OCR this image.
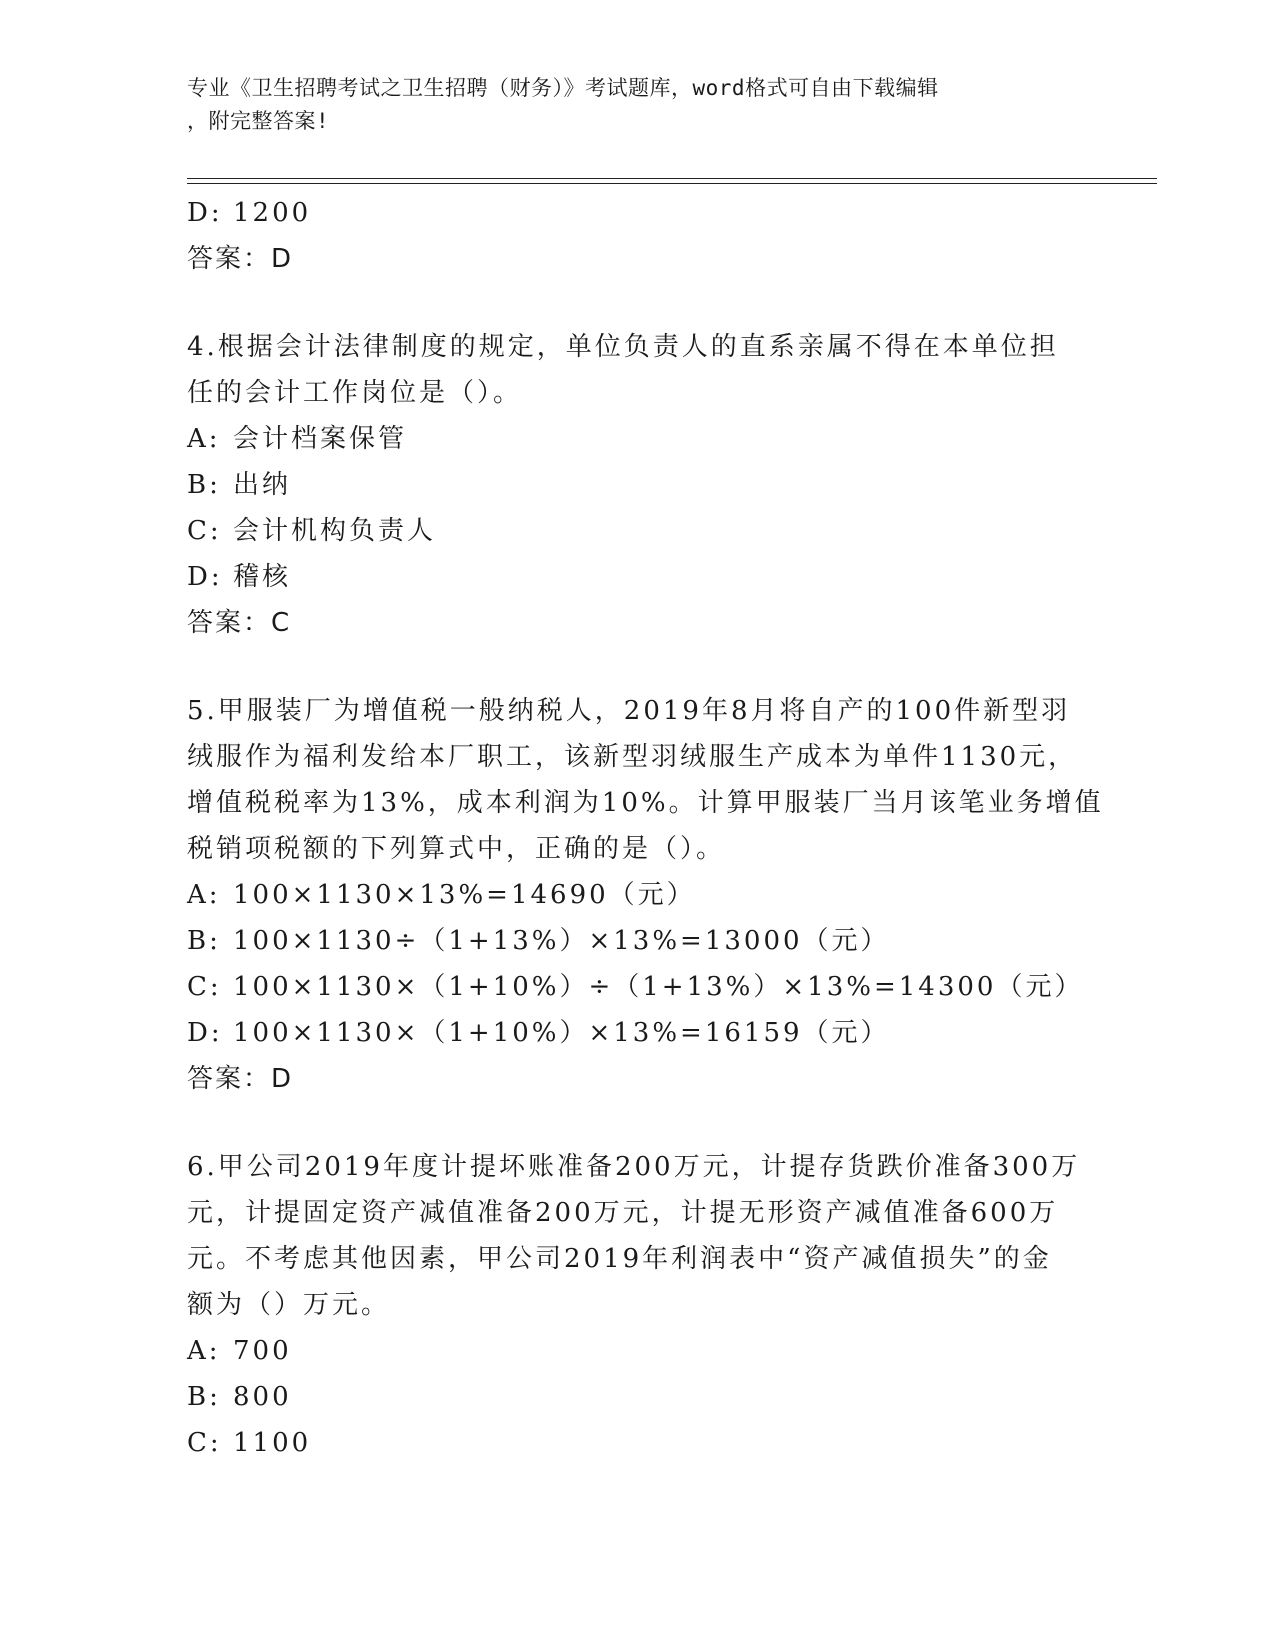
专业《卫生招聘考试之卫生招聘（财务）》考试题库，word格式可自由下载编辑
，附完整答案!
D: 1200
答案：D
4.根据会计法律制度的规定，单位负责人的直系亲属不得在本单位担
任的会计工作岗位是（）。
A: 会计档案保管
B: 出纳
C: 会计机构负责人
D: 稽核
答案：C
5.甲服装厂为增值税一般纳税人，2019年8月将自产的100件新型羽
绒服作为福利发给本厂职工，该新型羽绒服生产成本为单件1130元，
增值税税率为13%，成本利润为10%。计算甲服装厂当月该笔业务增值
税销项税额的下列算式中，正确的是（）。
A: 100×1130×13%=14690（元）
B: 100×1130÷（1+13%）×13%=13000（元）
C: 100×1130×（1+10%）÷（1+13%）×13%=14300（元）
D: 100×1130×（1+10%）×13%=16159（元）
答案：D
6.甲公司2019年度计提坏账准备200万元，计提存货跌价准备300万
元，计提固定资产减值准备200万元，计提无形资产减值准备600万
元。不考虑其他因素，甲公司2019年利润表中“资产减值损失”的金
额为（）万元。
A: 700
B: 800
C: 1100
